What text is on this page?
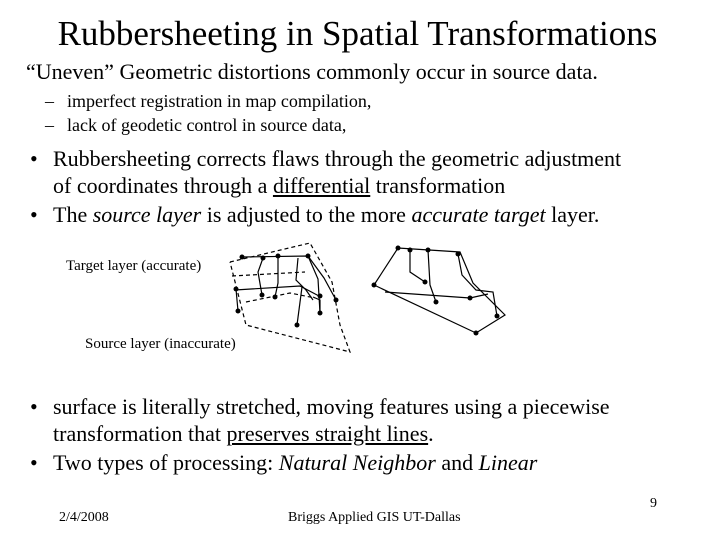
Rubbersheeting in Spatial Transformations
“Uneven” Geometric distortions commonly occur in source data.
– imperfect registration in map compilation,
– lack of geodetic control in source data,
• Rubbersheeting corrects flaws through the geometric adjustment
of coordinates through a differential transformation
• The source layer is adjusted to the more accurate target layer.
Target layer (accurate)
Source layer (inaccurate)
• surface is literally stretched, moving features using a piecewise
transformation that preserves straight lines.
• Two types of processing: Natural Neighbor and Linear
2/4/2008	Briggs Applied GIS UT-Dallas
9
